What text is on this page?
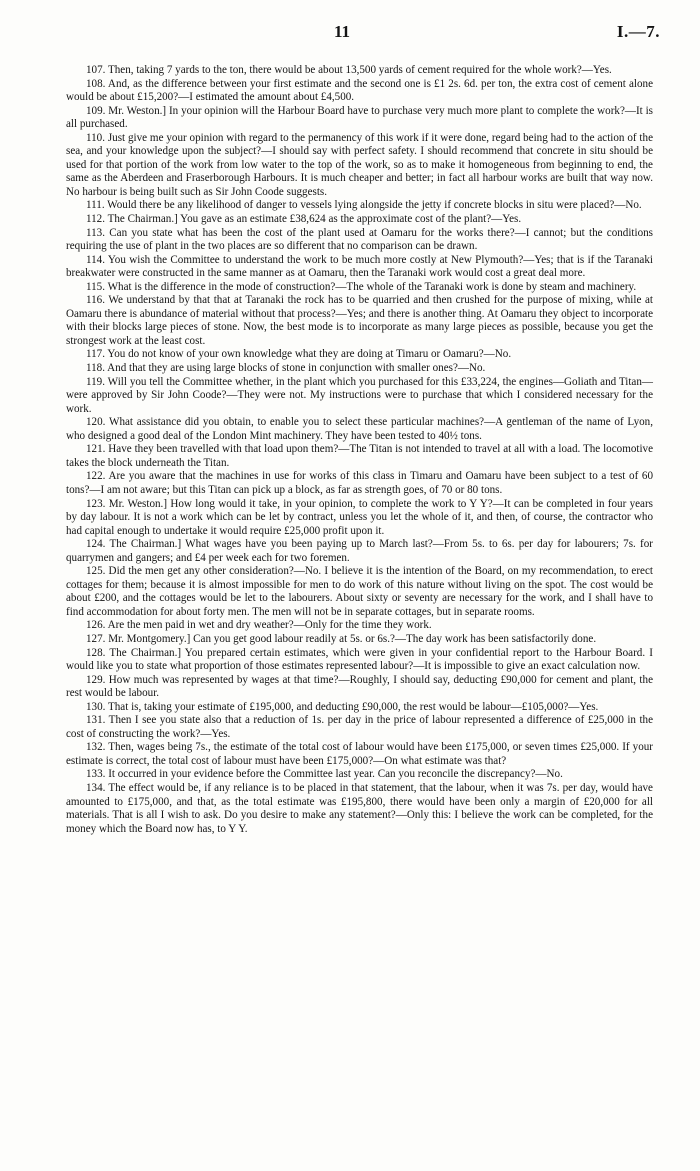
11	I.—7.

107. Then, taking 7 yards to the ton, there would be about 13,500 yards of cement required for the whole work?—Yes.

108. And, as the difference between your first estimate and the second one is £1 2s. 6d. per ton, the extra cost of cement alone would be about £15,200?—I estimated the amount about £4,500.

109. Mr. Weston.] In your opinion will the Harbour Board have to purchase very much more plant to complete the work?—It is all purchased.

110. Just give me your opinion with regard to the permanency of this work if it were done, regard being had to the action of the sea, and your knowledge upon the subject?—I should say with perfect safety. I should recommend that concrete in situ should be used for that portion of the work from low water to the top of the work, so as to make it homogeneous from beginning to end, the same as the Aberdeen and Fraserborough Harbours. It is much cheaper and better; in fact all harbour works are built that way now. No harbour is being built such as Sir John Coode suggests.

111. Would there be any likelihood of danger to vessels lying alongside the jetty if concrete blocks in situ were placed?—No.

112. The Chairman.] You gave as an estimate £38,624 as the approximate cost of the plant?—Yes.

113. Can you state what has been the cost of the plant used at Oamaru for the works there?—I cannot; but the conditions requiring the use of plant in the two places are so different that no comparison can be drawn.

114. You wish the Committee to understand the work to be much more costly at New Plymouth?—Yes; that is if the Taranaki breakwater were constructed in the same manner as at Oamaru, then the Taranaki work would cost a great deal more.

115. What is the difference in the mode of construction?—The whole of the Taranaki work is done by steam and machinery.

116. We understand by that that at Taranaki the rock has to be quarried and then crushed for the purpose of mixing, while at Oamaru there is abundance of material without that process?—Yes; and there is another thing. At Oamaru they object to incorporate with their blocks large pieces of stone. Now, the best mode is to incorporate as many large pieces as possible, because you get the strongest work at the least cost.

117. You do not know of your own knowledge what they are doing at Timaru or Oamaru?—No.

118. And that they are using large blocks of stone in conjunction with smaller ones?—No.

119. Will you tell the Committee whether, in the plant which you purchased for this £33,224, the engines—Goliath and Titan—were approved by Sir John Coode?—They were not. My instructions were to purchase that which I considered necessary for the work.

120. What assistance did you obtain, to enable you to select these particular machines?—A gentleman of the name of Lyon, who designed a good deal of the London Mint machinery. They have been tested to 40½ tons.

121. Have they been travelled with that load upon them?—The Titan is not intended to travel at all with a load. The locomotive takes the block underneath the Titan.

122. Are you aware that the machines in use for works of this class in Timaru and Oamaru have been subject to a test of 60 tons?—I am not aware; but this Titan can pick up a block, as far as strength goes, of 70 or 80 tons.

123. Mr. Weston.] How long would it take, in your opinion, to complete the work to Y Y?—It can be completed in four years by day labour. It is not a work which can be let by contract, unless you let the whole of it, and then, of course, the contractor who had capital enough to undertake it would require £25,000 profit upon it.

124. The Chairman.] What wages have you been paying up to March last?—From 5s. to 6s. per day for labourers; 7s. for quarrymen and gangers; and £4 per week each for two foremen.

125. Did the men get any other consideration?—No. I believe it is the intention of the Board, on my recommendation, to erect cottages for them; because it is almost impossible for men to do work of this nature without living on the spot. The cost would be about £200, and the cottages would be let to the labourers. About sixty or seventy are necessary for the work, and I shall have to find accommodation for about forty men. The men will not be in separate cottages, but in separate rooms.

126. Are the men paid in wet and dry weather?—Only for the time they work.

127. Mr. Montgomery.] Can you get good labour readily at 5s. or 6s.?—The day work has been satisfactorily done.

128. The Chairman.] You prepared certain estimates, which were given in your confidential report to the Harbour Board. I would like you to state what proportion of those estimates represented labour?—It is impossible to give an exact calculation now.

129. How much was represented by wages at that time?—Roughly, I should say, deducting £90,000 for cement and plant, the rest would be labour.

130. That is, taking your estimate of £195,000, and deducting £90,000, the rest would be labour—£105,000?—Yes.

131. Then I see you state also that a reduction of 1s. per day in the price of labour represented a difference of £25,000 in the cost of constructing the work?—Yes.

132. Then, wages being 7s., the estimate of the total cost of labour would have been £175,000, or seven times £25,000. If your estimate is correct, the total cost of labour must have been £175,000?—On what estimate was that?

133. It occurred in your evidence before the Committee last year. Can you reconcile the discrepancy?—No.

134. The effect would be, if any reliance is to be placed in that statement, that the labour, when it was 7s. per day, would have amounted to £175,000, and that, as the total estimate was £195,800, there would have been only a margin of £20,000 for all materials. That is all I wish to ask. Do you desire to make any statement?—Only this: I believe the work can be completed, for the money which the Board now has, to Y Y.
